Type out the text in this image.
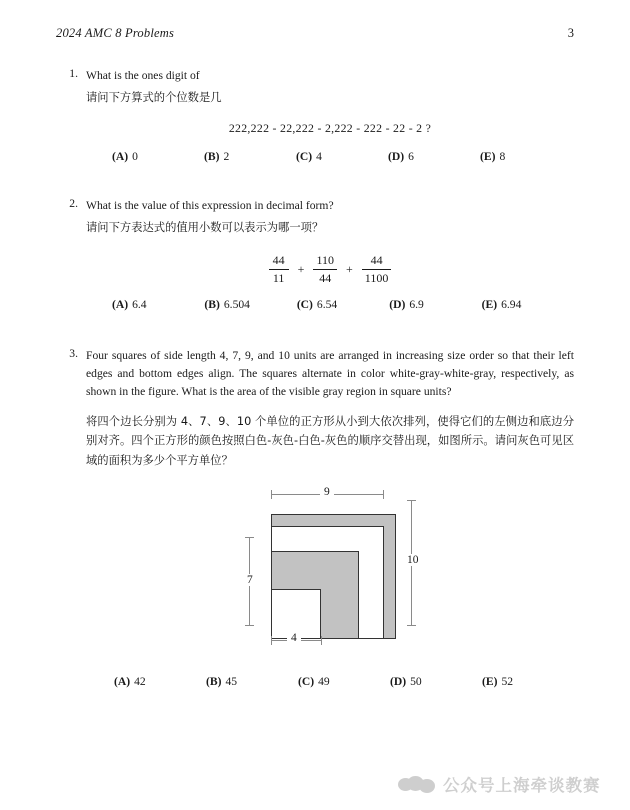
2024 AMC 8 Problems	3
1. What is the ones digit of
请问下方算式的个位数是几
222,222 - 22,222 - 2,222 - 222 - 22 - 2 ?
(A) 0	(B) 2	(C) 4	(D) 6	(E) 8
2. What is the value of this expression in decimal form?
请问下方表达式的值用小数可以表示为哪一项？
$\frac{44}{11} + \frac{110}{44} + \frac{44}{1100}$
(A) 6.4	(B) 6.504	(C) 6.54	(D) 6.9	(E) 6.94
3. Four squares of side length 4, 7, 9, and 10 units are arranged in increasing size order so that their left edges and bottom edges align. The squares alternate in color white-gray-white-gray, respectively, as shown in the figure. What is the area of the visible gray region in square units?
将四个边长分别为 4、7、9、10 个单位的正方形从小到大依次排列，使得它们的左侧边和底边分别对齐。四个正方形的颜色按照白色-灰色-白色-灰色的顺序交替出现，如图所示。请问灰色可见区域的面积为多少个平方单位？
9
10
7
4
(A) 42	(B) 45	(C) 49	(D) 50	(E) 52
公众号上海牵谈教赛
